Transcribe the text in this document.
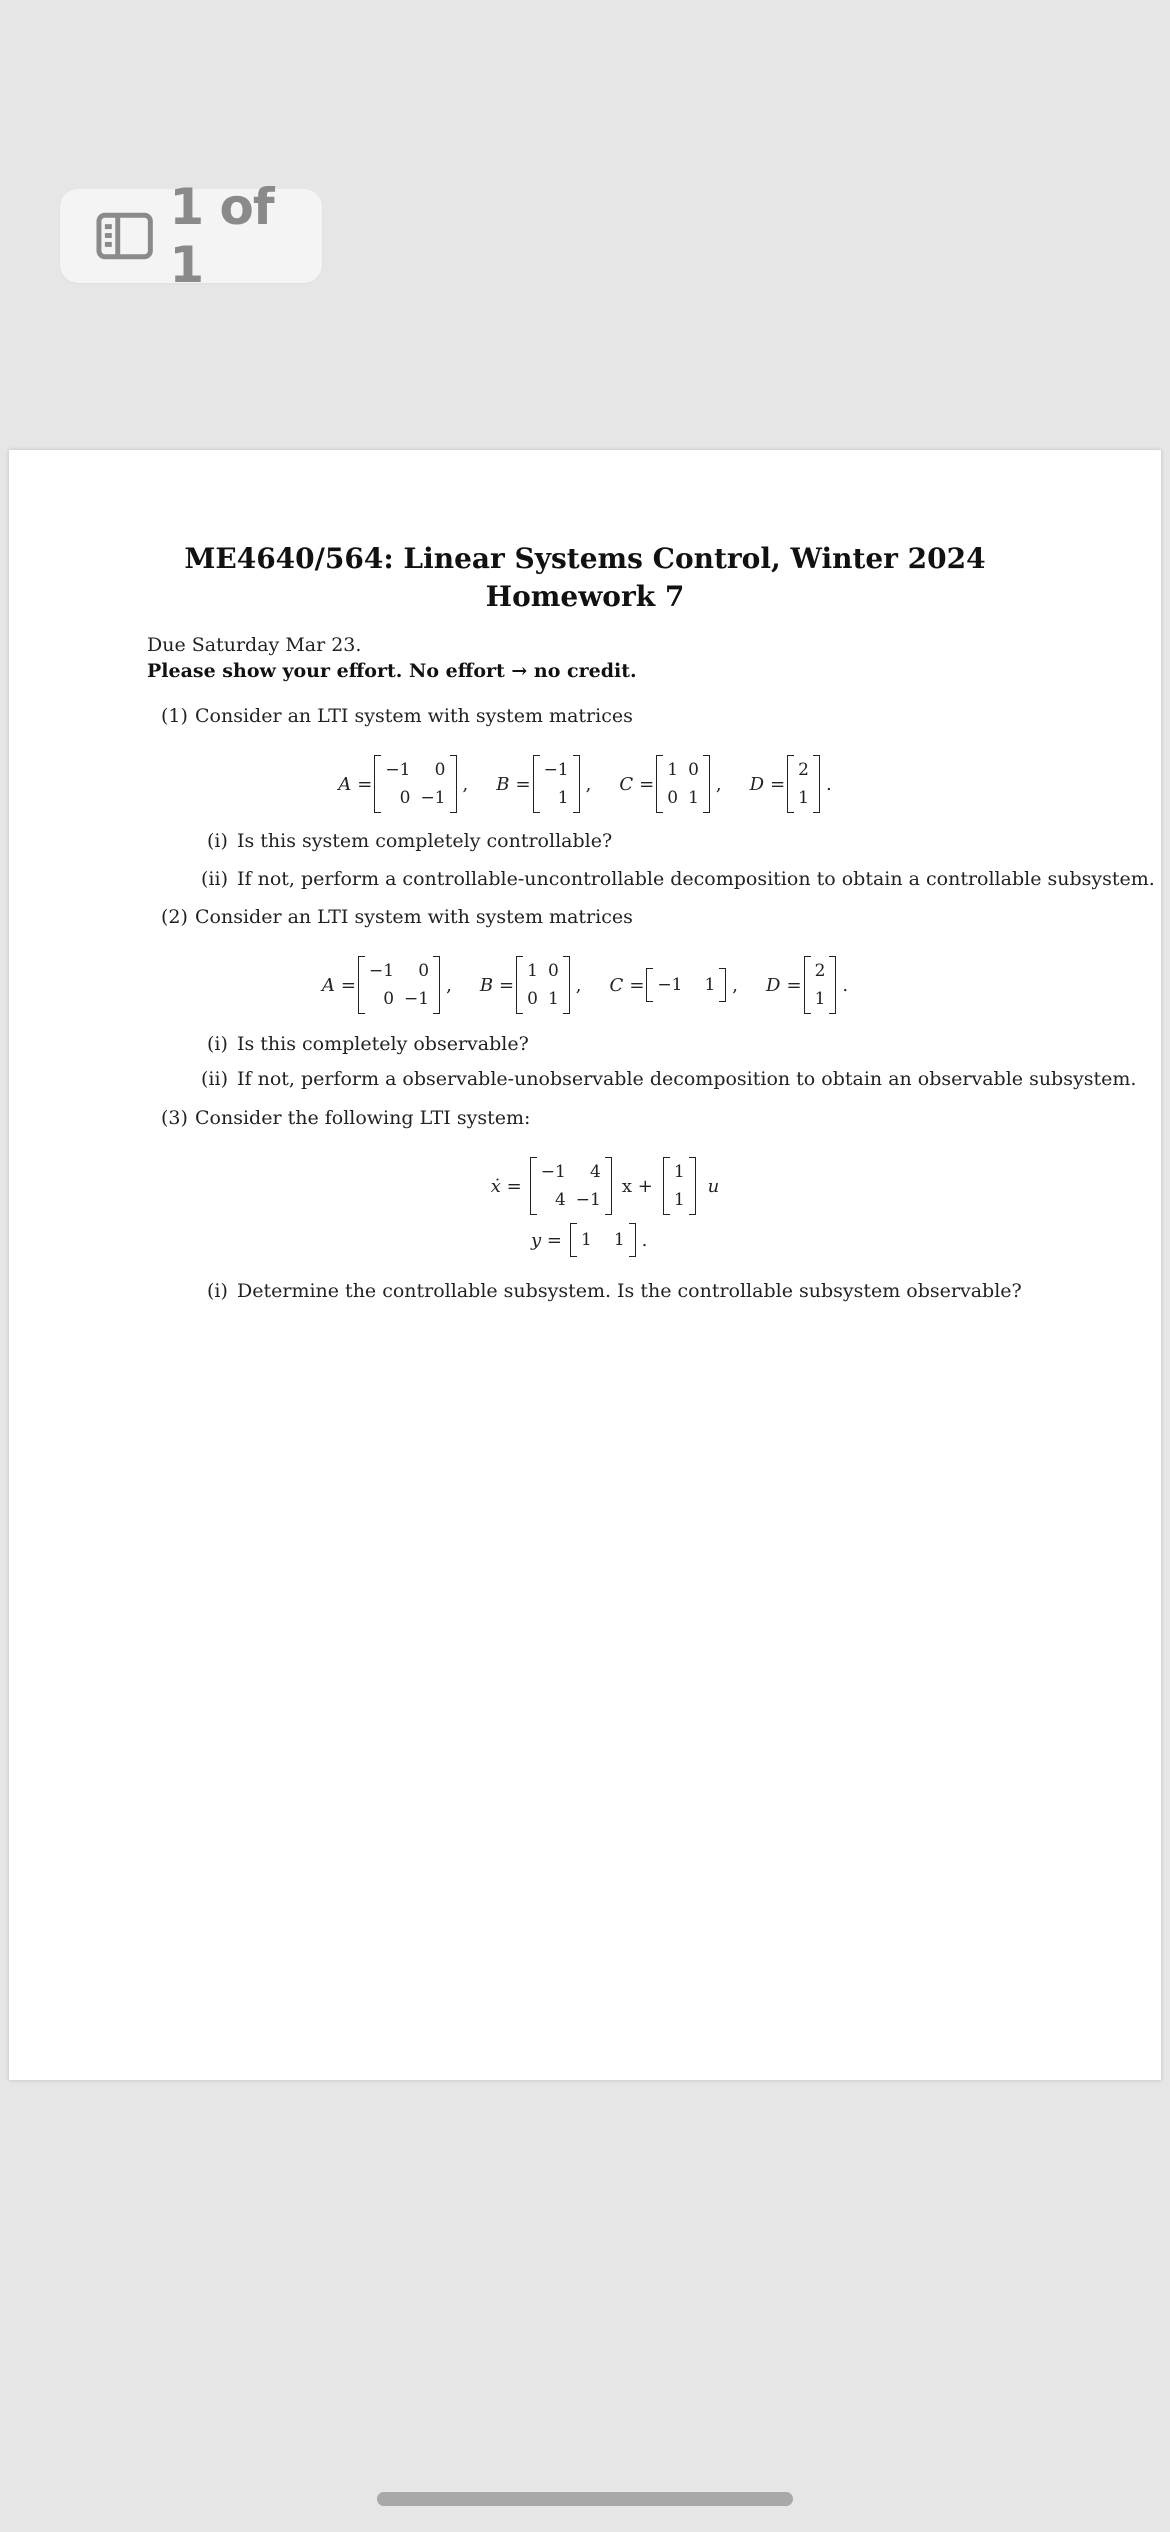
1 of 1
ME4640/564: Linear Systems Control, Winter 2024
Homework 7
Due Saturday Mar 23.
Please show your effort. No effort → no credit.
(1) Consider an LTI system with system matrices
A =
−1	0
0 −1
, B =
−1
1
, C =
1 0
0 1
, D =
2
1
.
(i) Is this system completely controllable?
(ii) If not, perform a controllable-uncontrollable decomposition to obtain a controllable subsystem.
(2) Consider an LTI system with system matrices
A =
−1	0
0 −1
, B =
1 0
0 1
, C = −1 1 , D =
2
1
.
(i) Is this completely observable?
(ii) If not, perform a observable-unobservable decomposition to obtain an observable subsystem.
(3) Consider the following LTI system:
ẋ =
−1	4
4 −1
x +
1
1
u
y = 1 1 .
(i) Determine the controllable subsystem. Is the controllable subsystem observable?
